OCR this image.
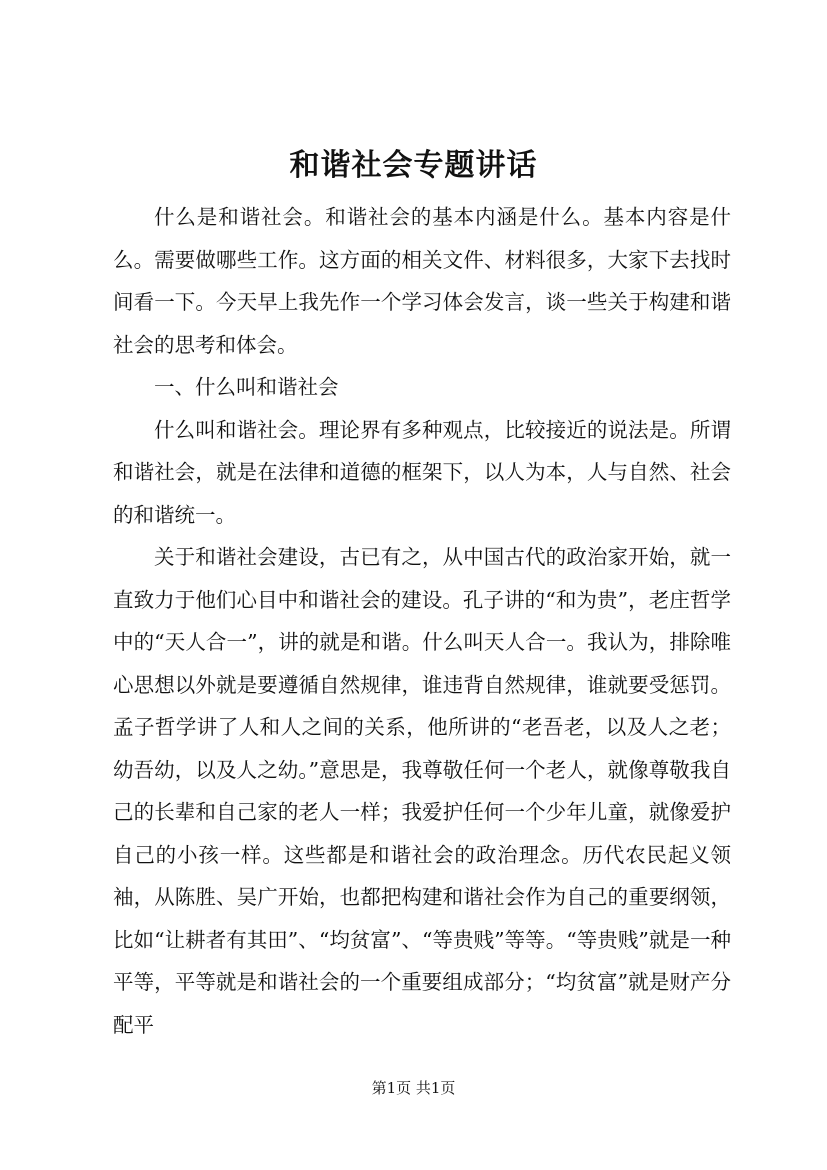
和谐社会专题讲话

什么是和谐社会。和谐社会的基本内涵是什么。基本内容是什么。需要做哪些工作。这方面的相关文件、材料很多，大家下去找时间看一下。今天早上我先作一个学习体会发言，谈一些关于构建和谐社会的思考和体会。

一、什么叫和谐社会

什么叫和谐社会。理论界有多种观点，比较接近的说法是。所谓和谐社会，就是在法律和道德的框架下，以人为本，人与自然、社会的和谐统一。

关于和谐社会建设，古已有之，从中国古代的政治家开始，就一直致力于他们心目中和谐社会的建设。孔子讲的“和为贵”，老庄哲学中的“天人合一”，讲的就是和谐。什么叫天人合一。我认为，排除唯心思想以外就是要遵循自然规律，谁违背自然规律，谁就要受惩罚。孟子哲学讲了人和人之间的关系，他所讲的“老吾老，以及人之老；幼吾幼，以及人之幼。”意思是，我尊敬任何一个老人，就像尊敬我自己的长辈和自己家的老人一样；我爱护任何一个少年儿童，就像爱护自己的小孩一样。这些都是和谐社会的政治理念。历代农民起义领袖，从陈胜、吴广开始，也都把构建和谐社会作为自己的重要纲领，比如“让耕者有其田”、“均贫富”、“等贵贱”等等。“等贵贱”就是一种平等，平等就是和谐社会的一个重要组成部分；“均贫富”就是财产分配平

第1页 共1页
